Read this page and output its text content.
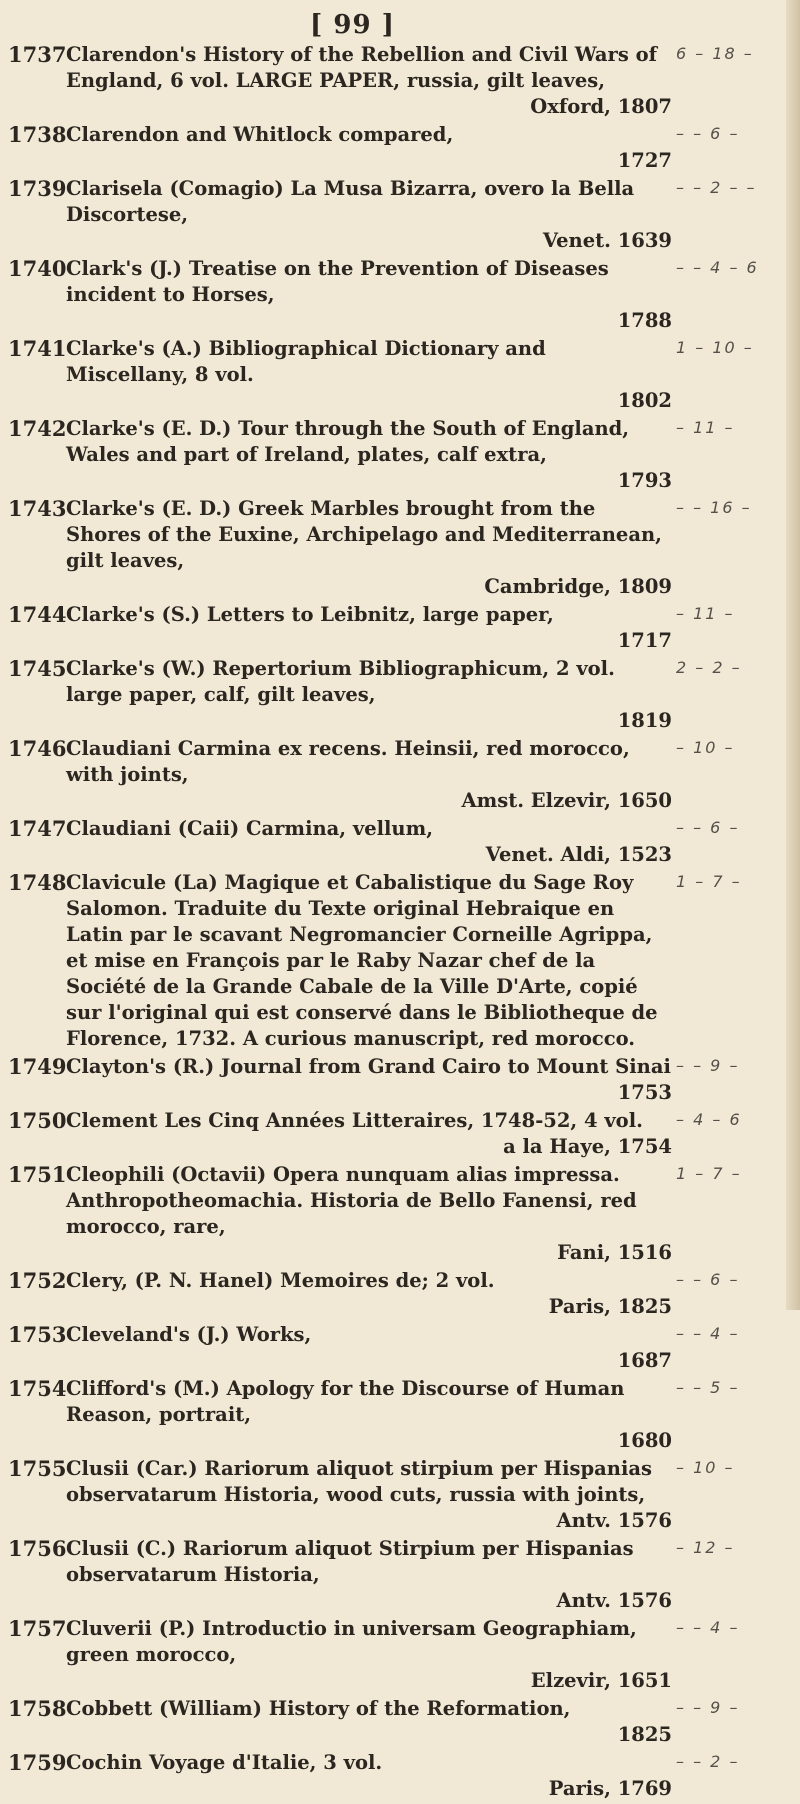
[ 99 ]
1737 Clarendon's History of the Rebellion and Civil Wars of England, 6 vol. LARGE PAPER, russia, gilt leaves,
Oxford, 1807
6 – 18 –
1738 Clarendon and Whitlock compared,
1727
– – 6 –
1739 Clarisela (Comagio) La Musa Bizarra, overo la Bella Discortese,
Venet. 1639
– – 2 – –
1740 Clark's (J.) Treatise on the Prevention of Diseases incident to Horses,
1788
– – 4 – 6
1741 Clarke's (A.) Bibliographical Dictionary and Miscellany, 8 vol.
1802
1 – 10 –
1742 Clarke's (E. D.) Tour through the South of England, Wales and part of Ireland, plates, calf extra,
1793
– 11 –
1743 Clarke's (E. D.) Greek Marbles brought from the Shores of the Euxine, Archipelago and Mediterranean, gilt leaves,
Cambridge, 1809
– – 16 –
1744 Clarke's (S.) Letters to Leibnitz, large paper,
1717
– 11 –
1745 Clarke's (W.) Repertorium Bibliographicum, 2 vol. large paper, calf, gilt leaves,
1819
2 – 2 –
1746 Claudiani Carmina ex recens. Heinsii, red morocco, with joints,
Amst. Elzevir, 1650
– 10 –
1747 Claudiani (Caii) Carmina, vellum,
Venet. Aldi, 1523
– – 6 –
1748 Clavicule (La) Magique et Cabalistique du Sage Roy Salomon. Traduite du Texte original Hebraique en Latin par le scavant Negromancier Corneille Agrippa, et mise en François par le Raby Nazar chef de la Société de la Grande Cabale de la Ville D'Arte, copié sur l'original qui est conservé dans le Bibliotheque de Florence, 1732. A curious manuscript, red morocco.
1 – 7 –
1749 Clayton's (R.) Journal from Grand Cairo to Mount Sinai
1753
– – 9 –
1750 Clement Les Cinq Années Litteraires, 1748-52, 4 vol.
a la Haye, 1754
– 4 – 6
1751 Cleophili (Octavii) Opera nunquam alias impressa. Anthropotheomachia. Historia de Bello Fanensi, red morocco, rare,
Fani, 1516
1 – 7 –
1752 Clery, (P. N. Hanel) Memoires de; 2 vol.
Paris, 1825
– – 6 –
1753 Cleveland's (J.) Works,
1687
– – 4 –
1754 Clifford's (M.) Apology for the Discourse of Human Reason, portrait,
1680
– – 5 –
1755 Clusii (Car.) Rariorum aliquot stirpium per Hispanias observatarum Historia, wood cuts, russia with joints,
Antv. 1576
– 10 –
1756 Clusii (C.) Rariorum aliquot Stirpium per Hispanias observatarum Historia,
Antv. 1576
– 12 –
1757 Cluverii (P.) Introductio in universam Geographiam, green morocco,
Elzevir, 1651
– – 4 –
1758 Cobbett (William) History of the Reformation,
1825
– – 9 –
1759 Cochin Voyage d'Italie, 3 vol.
Paris, 1769
– – 2 –
